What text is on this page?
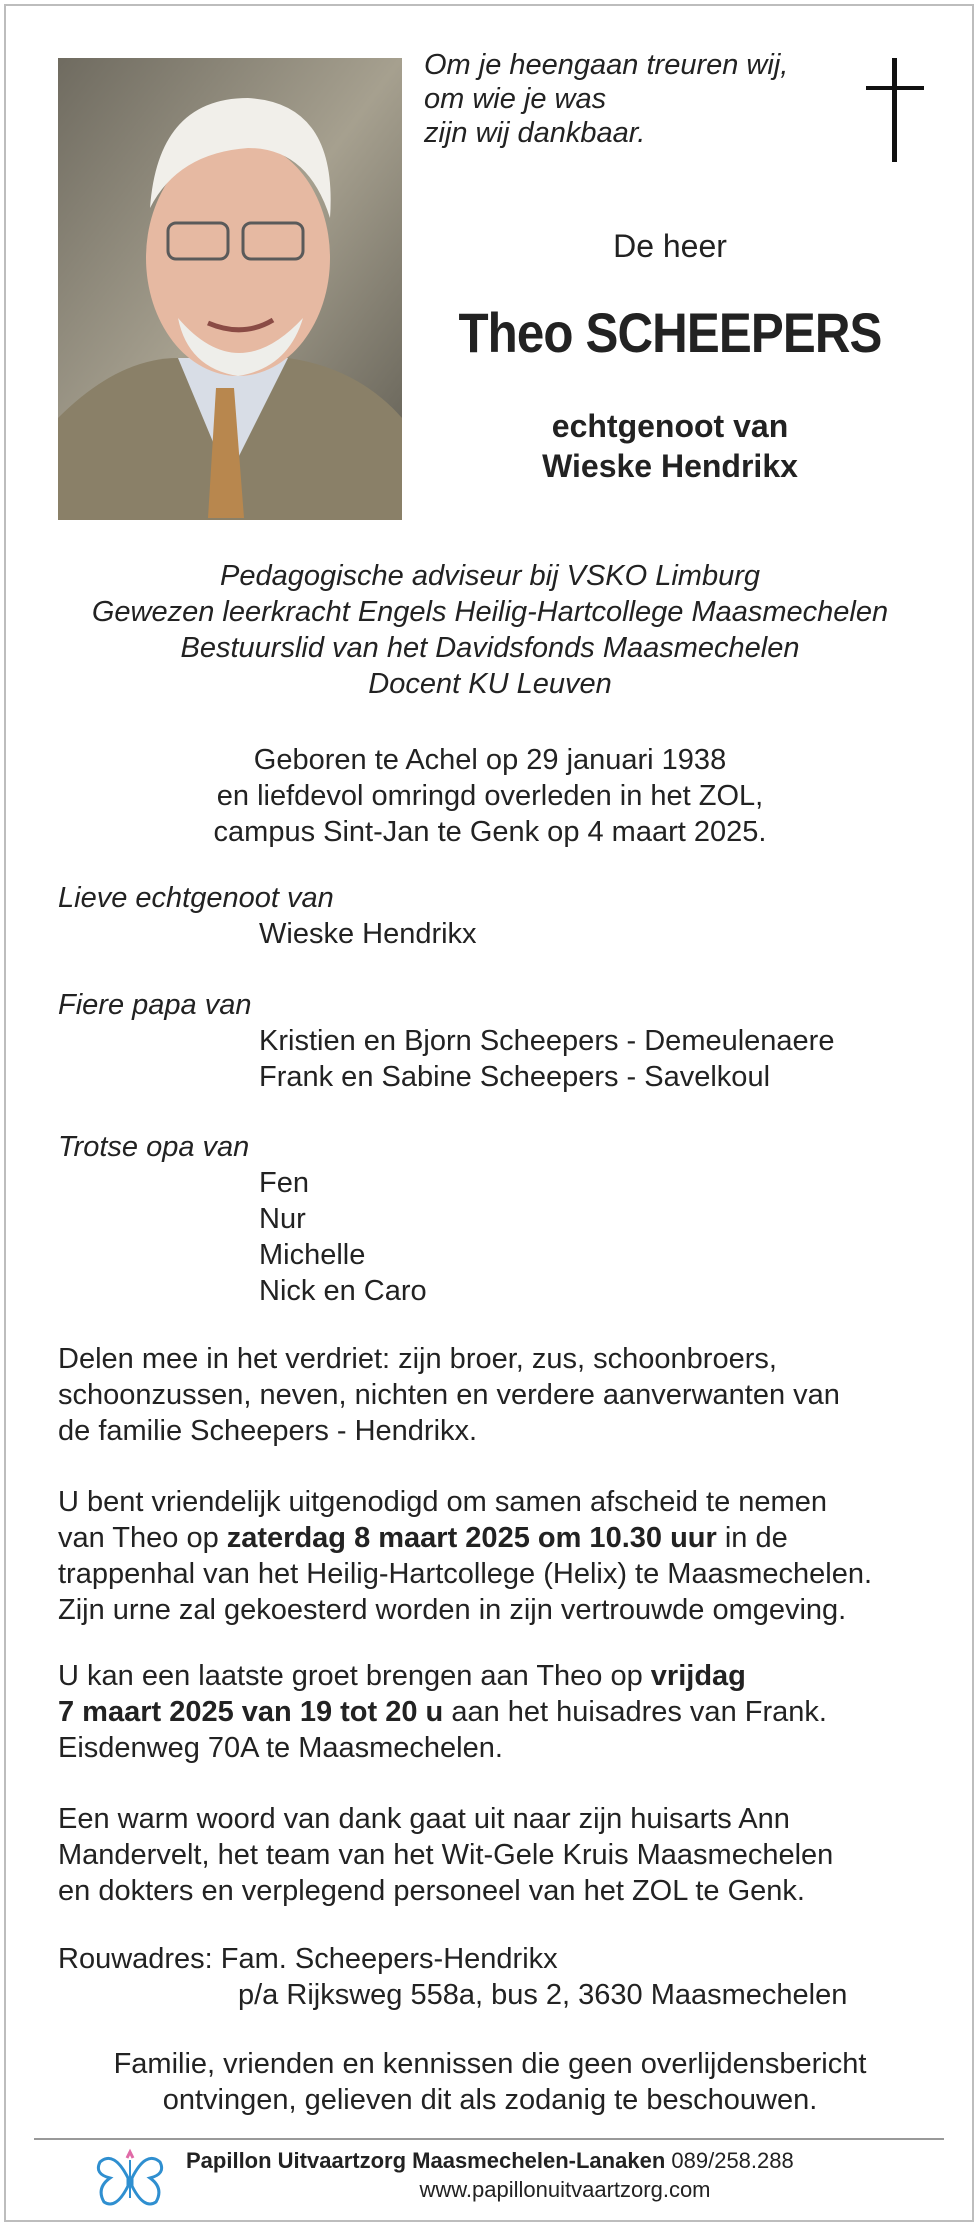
Om je heengaan treuren wij,
om wie je was
zijn wij dankbaar.
De heer
Theo SCHEEPERS
echtgenoot van
Wieske Hendrikx
Pedagogische adviseur bij VSKO Limburg
Gewezen leerkracht Engels Heilig-Hartcollege Maasmechelen
Bestuurslid van het Davidsfonds Maasmechelen
Docent KU Leuven
Geboren te Achel op 29 januari 1938
en liefdevol omringd overleden in het ZOL,
campus Sint-Jan te Genk op 4 maart 2025.
Lieve echtgenoot van
Wieske Hendrikx
Fiere papa van
Kristien en Bjorn Scheepers - Demeulenaere
Frank en Sabine Scheepers - Savelkoul
Trotse opa van
Fen
Nur
Michelle
Nick en Caro
Delen mee in het verdriet: zijn broer, zus, schoonbroers,
schoonzussen, neven, nichten en verdere aanverwanten van
de familie Scheepers - Hendrikx.
U bent vriendelijk uitgenodigd om samen afscheid te nemen
van Theo op zaterdag 8 maart 2025 om 10.30 uur in de
trappenhal van het Heilig-Hartcollege (Helix) te Maasmechelen.
Zijn urne zal gekoesterd worden in zijn vertrouwde omgeving.
U kan een laatste groet brengen aan Theo op vrijdag
7 maart 2025 van 19 tot 20 u aan het huisadres van Frank.
Eisdenweg 70A te Maasmechelen.
Een warm woord van dank gaat uit naar zijn huisarts Ann
Mandervelt, het team van het Wit-Gele Kruis Maasmechelen
en dokters en verplegend personeel van het ZOL te Genk.
Rouwadres: Fam. Scheepers-Hendrikx
p/a Rijksweg 558a, bus 2, 3630 Maasmechelen
Familie, vrienden en kennissen die geen overlijdensbericht
ontvingen, gelieven dit als zodanig te beschouwen.
Papillon Uitvaartzorg Maasmechelen-Lanaken 089/258.288
www.papillonuitvaartzorg.com
